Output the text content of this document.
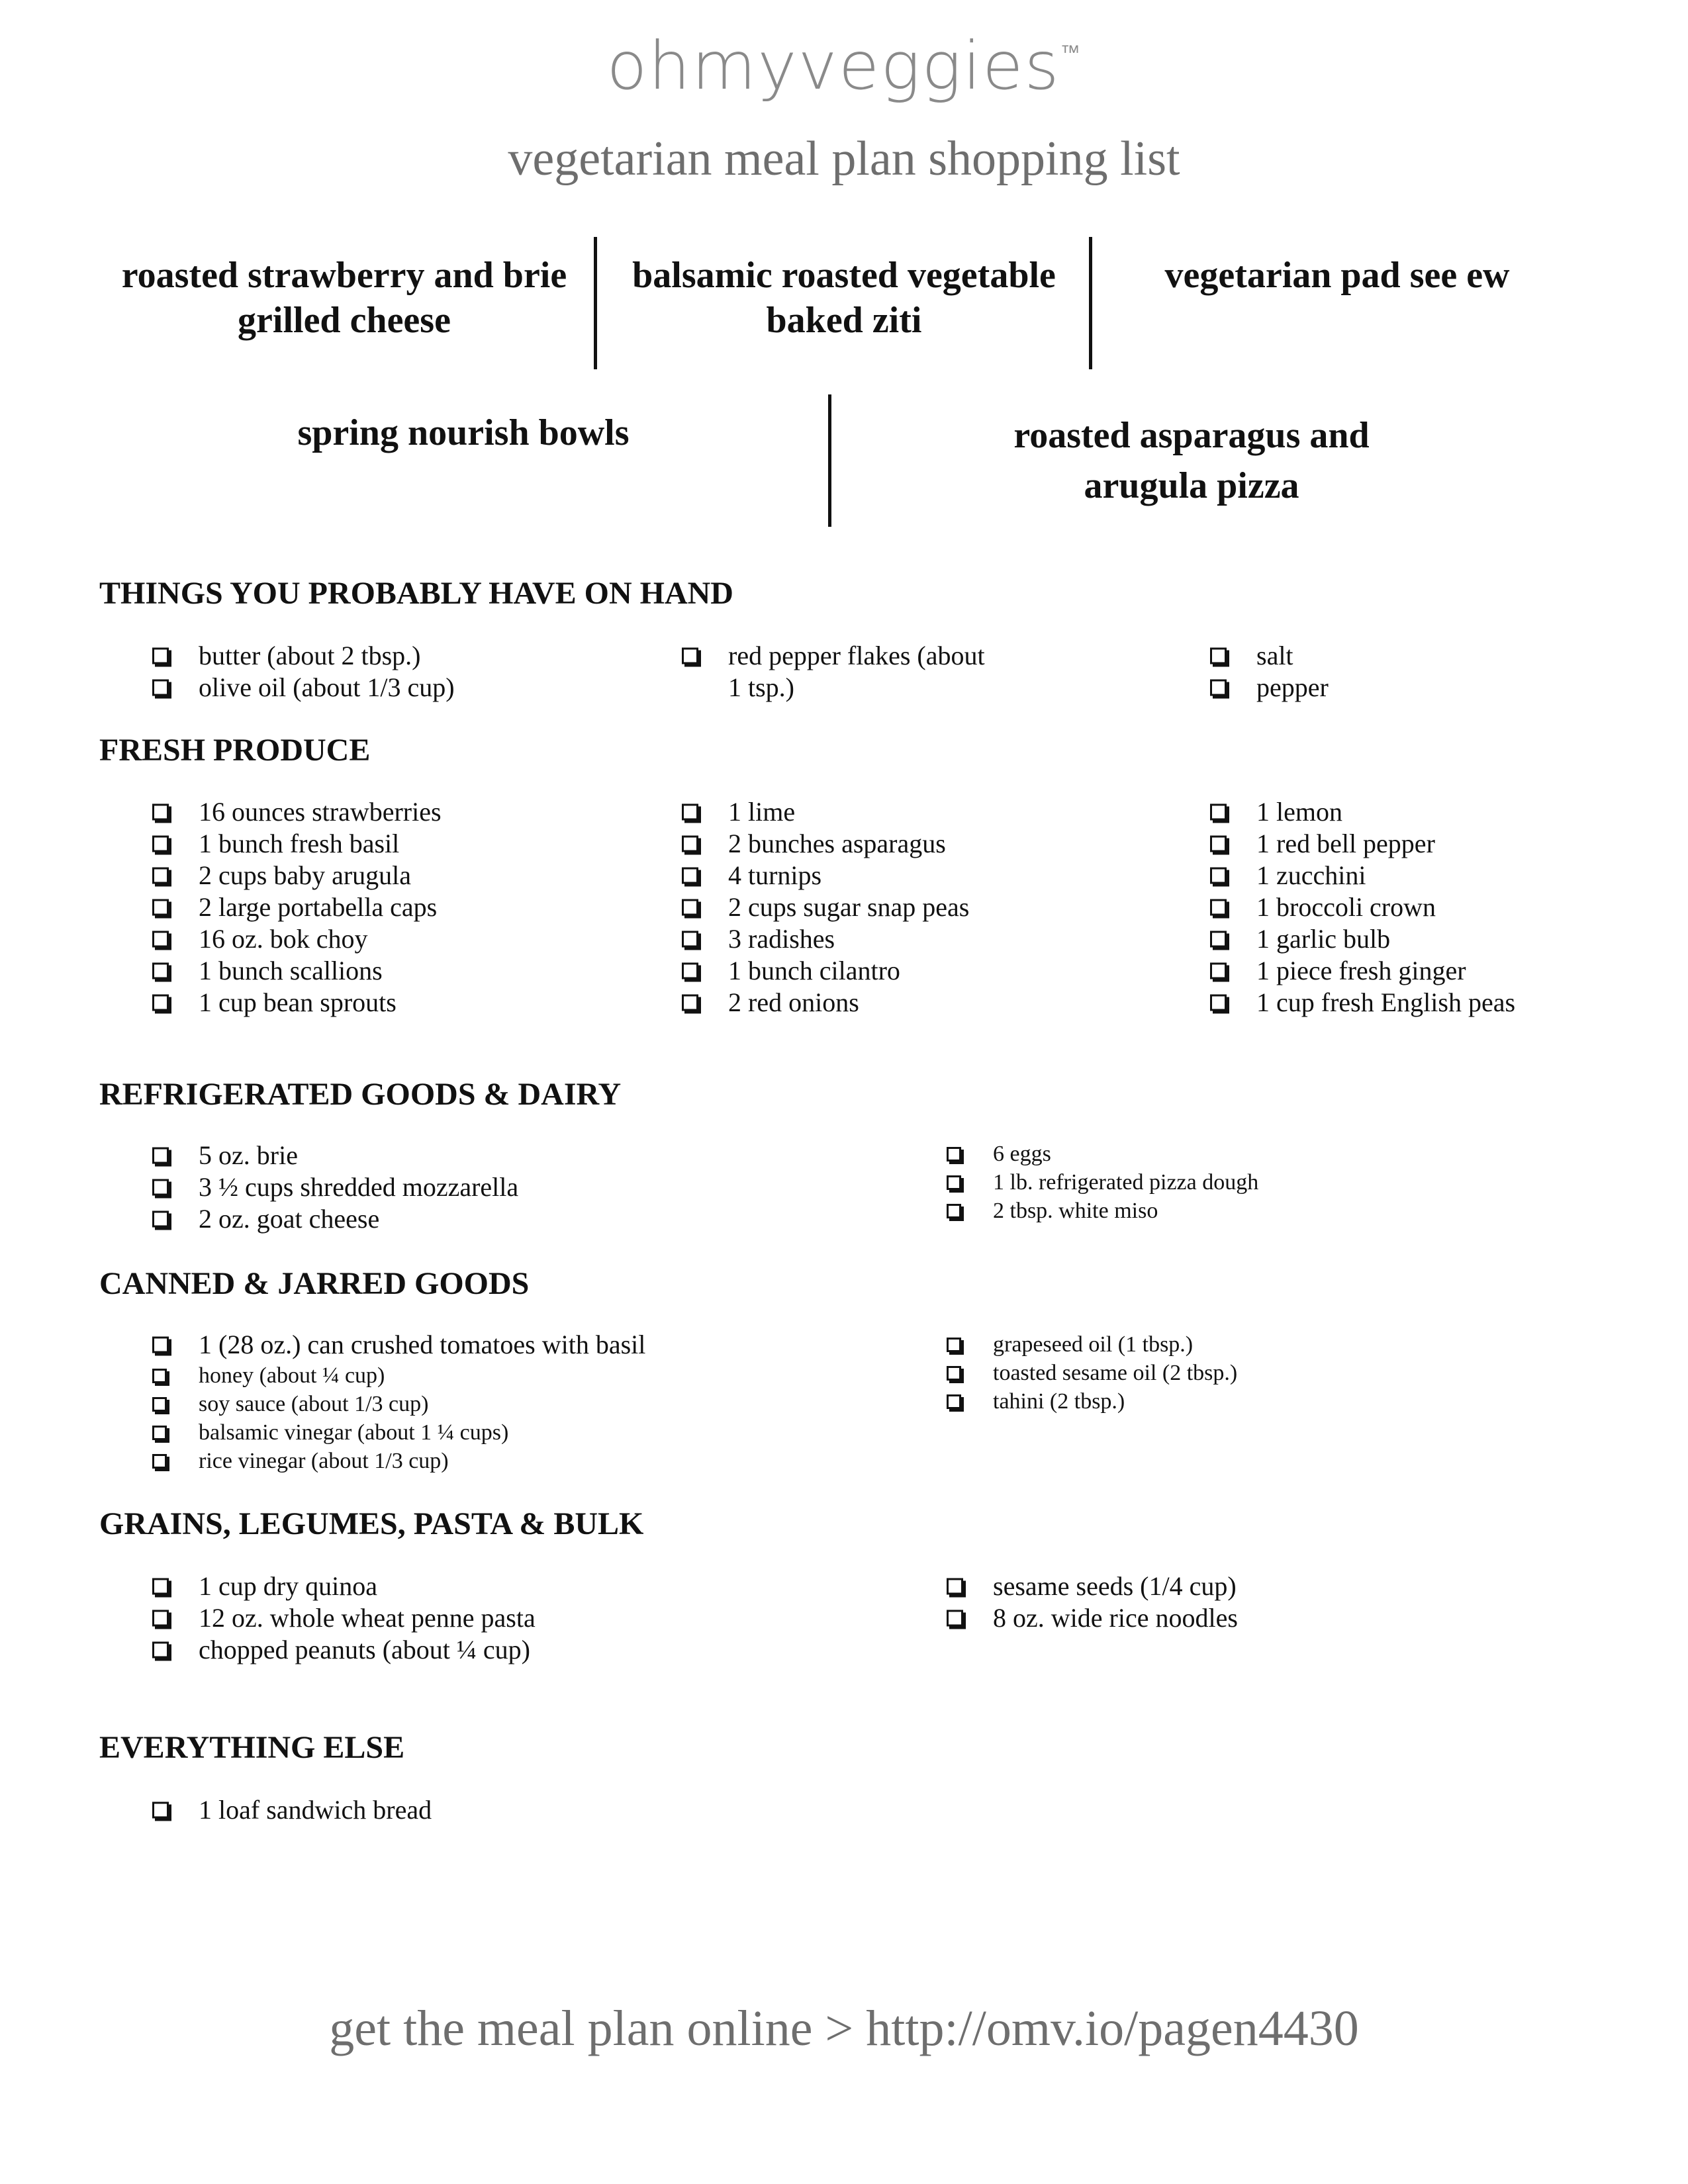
ohmyveggies™
vegetarian meal plan shopping list
roasted strawberry and brie
grilled cheese
balsamic roasted vegetable
baked ziti
vegetarian pad see ew
spring nourish bowls	roasted asparagus and
arugula pizza
THINGS YOU PROBABLY HAVE ON HAND
butter (about 2 tbsp.)
olive oil (about 1/3 cup)
red pepper flakes (about 1 tsp.)
salt
pepper
FRESH PRODUCE
16 ounces strawberries
1 bunch fresh basil
2 cups baby arugula
2 large portabella caps
16 oz. bok choy
1 bunch scallions
1 cup bean sprouts
1 lime
2 bunches asparagus
4 turnips
2 cups sugar snap peas
3 radishes
1 bunch cilantro
2 red onions
1 lemon
1 red bell pepper
1 zucchini
1 broccoli crown
1 garlic bulb
1 piece fresh ginger
1 cup fresh English peas
REFRIGERATED GOODS & DAIRY
5 oz. brie
3 ½ cups shredded mozzarella
2 oz. goat cheese
6 eggs
1 lb. refrigerated pizza dough
2 tbsp. white miso
CANNED & JARRED GOODS
1 (28 oz.) can crushed tomatoes with basil
honey (about ¼ cup)
soy sauce (about 1/3 cup)
balsamic vinegar (about 1 ¼ cups)
rice vinegar (about 1/3 cup)
grapeseed oil (1 tbsp.)
toasted sesame oil (2 tbsp.)
tahini (2 tbsp.)
GRAINS, LEGUMES, PASTA & BULK
1 cup dry quinoa
12 oz. whole wheat penne pasta
chopped peanuts (about ¼ cup)
sesame seeds (1/4 cup)
8 oz. wide rice noodles
EVERYTHING ELSE
1 loaf sandwich bread
get the meal plan online > http://omv.io/pagen4430
